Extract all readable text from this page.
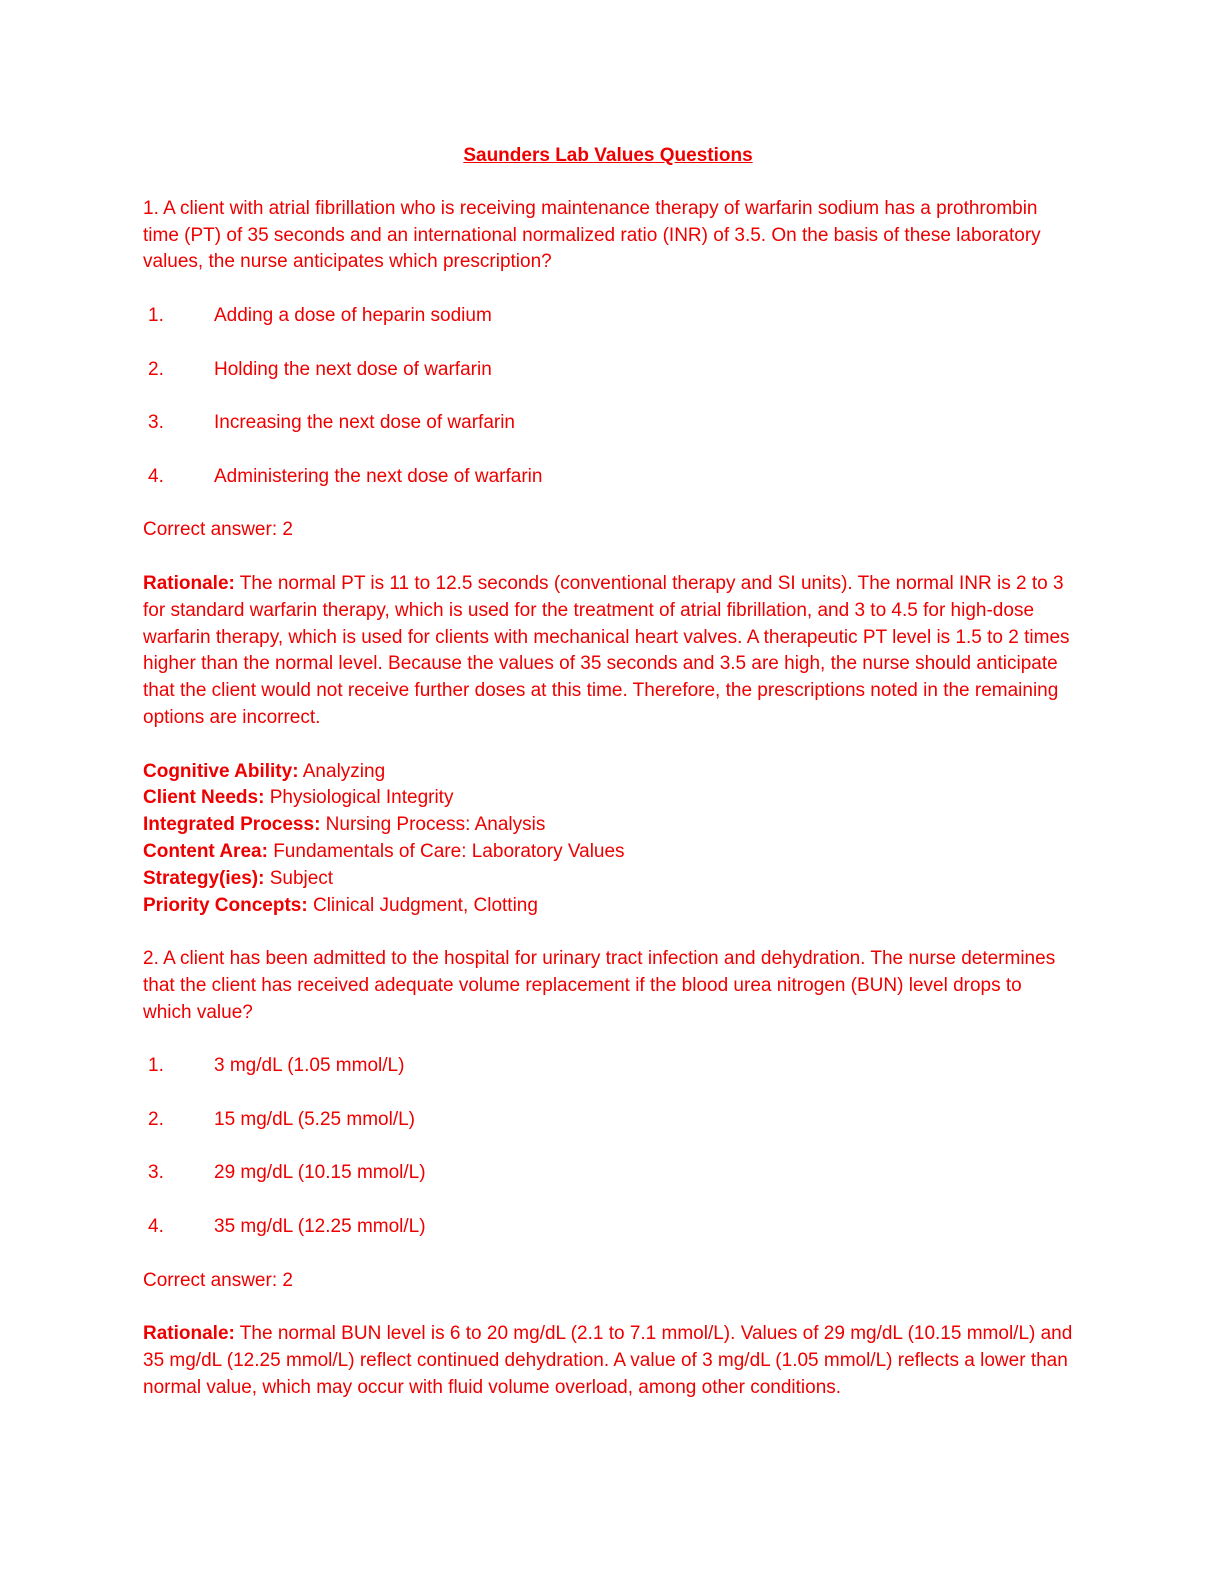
Saunders Lab Values Questions

1. A client with atrial fibrillation who is receiving maintenance therapy of warfarin sodium has a prothrombin time (PT) of 35 seconds and an international normalized ratio (INR) of 3.5. On the basis of these laboratory values, the nurse anticipates which prescription?

1.	Adding a dose of heparin sodium
2.	Holding the next dose of warfarin
3.	Increasing the next dose of warfarin
4.	Administering the next dose of warfarin

Correct answer: 2

Rationale: The normal PT is 11 to 12.5 seconds (conventional therapy and SI units). The normal INR is 2 to 3 for standard warfarin therapy, which is used for the treatment of atrial fibrillation, and 3 to 4.5 for high-dose warfarin therapy, which is used for clients with mechanical heart valves. A therapeutic PT level is 1.5 to 2 times higher than the normal level. Because the values of 35 seconds and 3.5 are high, the nurse should anticipate that the client would not receive further doses at this time. Therefore, the prescriptions noted in the remaining options are incorrect.

Cognitive Ability: Analyzing
Client Needs: Physiological Integrity
Integrated Process: Nursing Process: Analysis
Content Area: Fundamentals of Care: Laboratory Values
Strategy(ies): Subject
Priority Concepts: Clinical Judgment, Clotting

2. A client has been admitted to the hospital for urinary tract infection and dehydration. The nurse determines that the client has received adequate volume replacement if the blood urea nitrogen (BUN) level drops to which value?

1.	3 mg/dL (1.05 mmol/L)
2.	15 mg/dL (5.25 mmol/L)
3.	29 mg/dL (10.15 mmol/L)
4.	35 mg/dL (12.25 mmol/L)

Correct answer: 2

Rationale: The normal BUN level is 6 to 20 mg/dL (2.1 to 7.1 mmol/L). Values of 29 mg/dL (10.15 mmol/L) and 35 mg/dL (12.25 mmol/L) reflect continued dehydration. A value of 3 mg/dL (1.05 mmol/L) reflects a lower than normal value, which may occur with fluid volume overload, among other conditions.
